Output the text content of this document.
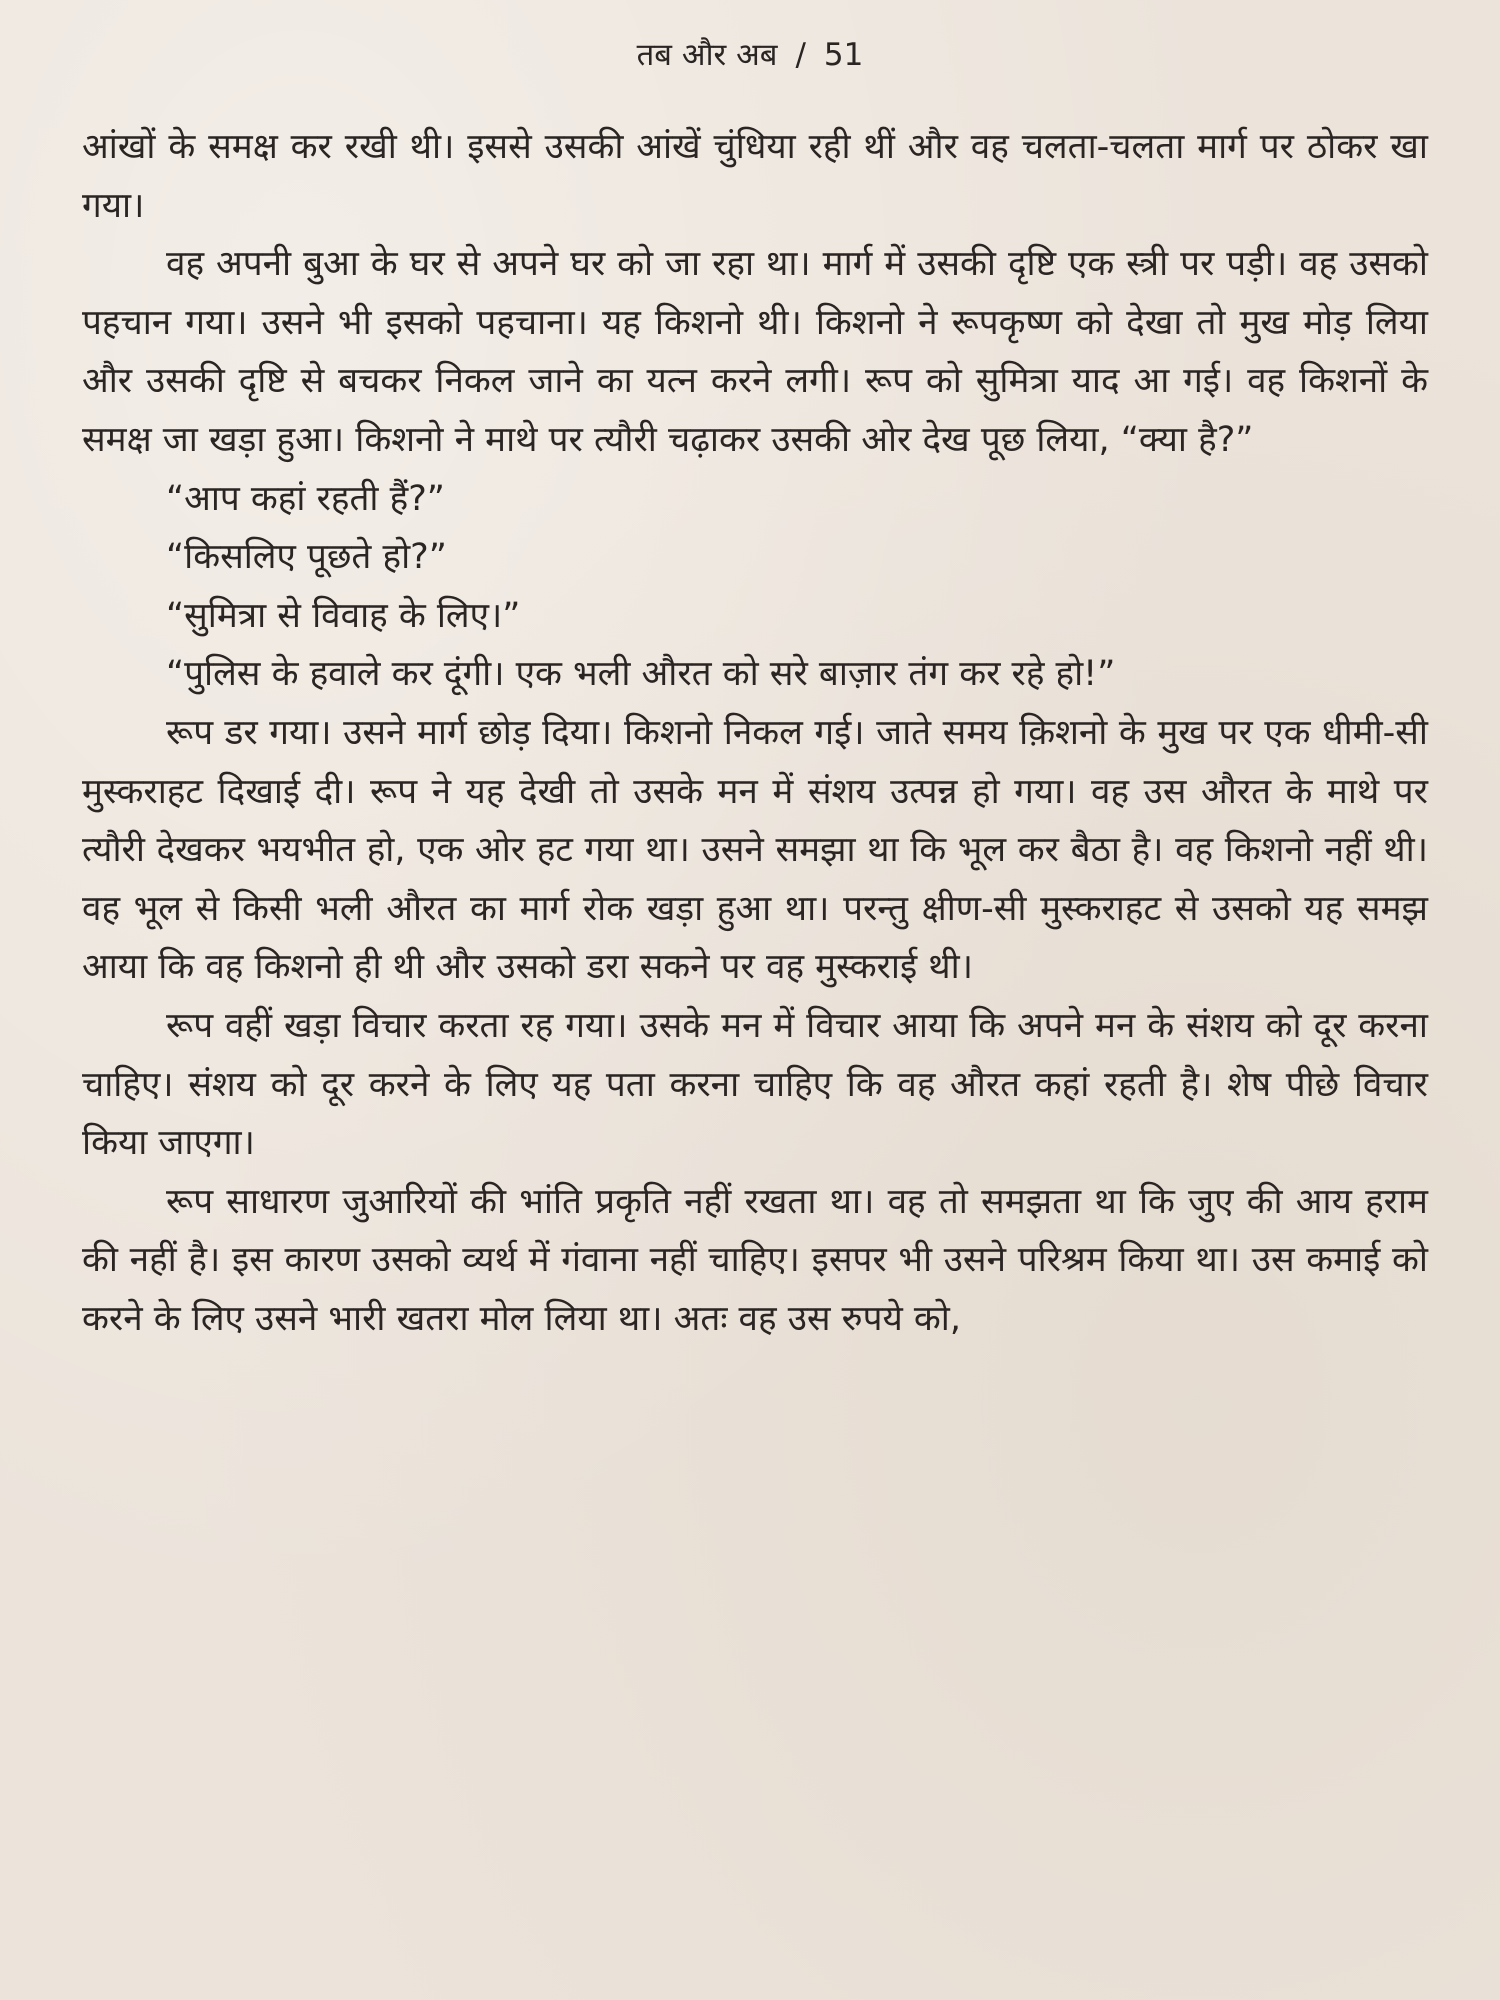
तब और अब / 51

आंखों के समक्ष कर रखी थी। इससे उसकी आंखें चुंधिया रही थीं और वह चलता-चलता मार्ग पर ठोकर खा गया।

वह अपनी बुआ के घर से अपने घर को जा रहा था। मार्ग में उसकी दृष्टि एक स्त्री पर पड़ी। वह उसको पहचान गया। उसने भी इसको पहचाना। यह किशनो थी। किशनो ने रूपकृष्ण को देखा तो मुख मोड़ लिया और उसकी दृष्टि से बचकर निकल जाने का यत्न करने लगी। रूप को सुमित्रा याद आ गई। वह किशनों के समक्ष जा खड़ा हुआ। किशनो ने माथे पर त्यौरी चढ़ाकर उसकी ओर देख पूछ लिया, “क्या है?”

“आप कहां रहती हैं?”

“किसलिए पूछते हो?”

“सुमित्रा से विवाह के लिए।”

“पुलिस के हवाले कर दूंगी। एक भली औरत को सरे बाज़ार तंग कर रहे हो!”

रूप डर गया। उसने मार्ग छोड़ दिया। किशनो निकल गई। जाते समय क़िशनो के मुख पर एक धीमी-सी मुस्कराहट दिखाई दी। रूप ने यह देखी तो उसके मन में संशय उत्पन्न हो गया। वह उस औरत के माथे पर त्यौरी देखकर भयभीत हो, एक ओर हट गया था। उसने समझा था कि भूल कर बैठा है। वह किशनो नहीं थी। वह भूल से किसी भली औरत का मार्ग रोक खड़ा हुआ था। परन्तु क्षीण-सी मुस्कराहट से उसको यह समझ आया कि वह किशनो ही थी और उसको डरा सकने पर वह मुस्कराई थी।

रूप वहीं खड़ा विचार करता रह गया। उसके मन में विचार आया कि अपने मन के संशय को दूर करना चाहिए। संशय को दूर करने के लिए यह पता करना चाहिए कि वह औरत कहां रहती है। शेष पीछे विचार किया जाएगा।

रूप साधारण जुआरियों की भांति प्रकृति नहीं रखता था। वह तो समझता था कि जुए की आय हराम की नहीं है। इस कारण उसको व्यर्थ में गंवाना नहीं चाहिए। इसपर भी उसने परिश्रम किया था। उस कमाई को करने के लिए उसने भारी खतरा मोल लिया था। अतः वह उस रुपये को,
